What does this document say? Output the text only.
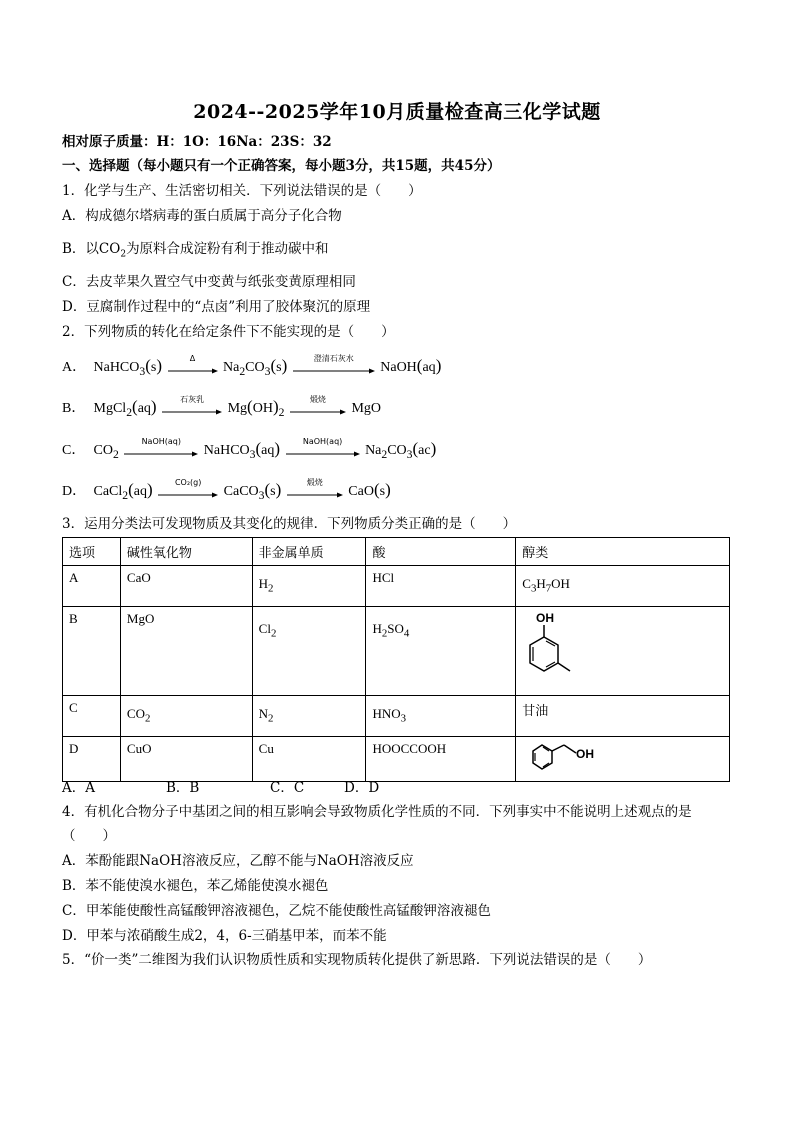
2024--2025学年10月质量检查高三化学试题
相对原子质量：H：1O：16Na：23S：32
一、选择题（每小题只有一个正确答案，每小题3分，共15题，共45分）
1．化学与生产、生活密切相关．下列说法错误的是（　　）
A．构成德尔塔病毒的蛋白质属于高分子化合物
B．以$CO_2$为原料合成淀粉有利于推动碳中和
C．去皮苹果久置空气中变黄与纸张变黄原理相同
D．豆腐制作过程中的“点卤”利用了胶体聚沉的原理
2．下列物质的转化在给定条件下不能实现的是（　　）
A． NaHCO$_3$(s)	Δ
$Na_2CO_3(s)$	澄清石灰水
NaOH(aq)
B． MgCl$_2$(aq)	石灰乳
$Mg(OH)_2$
煅烧
MgO
C． $CO_2$
NaOH(aq)
NaHCO$_3$(aq)	NaOH(aq)
$Na_2CO_3(ac)$
D． CaCl$_2$(aq)	CO₂(g)
CaCO$_3$(s)	煅烧
CaO(s)
3．运用分类法可发现物质及其变化的规律．下列物质分类正确的是（　　）
选项	碱性氧化物	非金属单质	酸	醇类
A	CaO	$H_2$	HCl	$C_3H_7OH$

B	MgO	$Cl_2$	$H_2SO_4$	OH

C	$CO_2$	$N_2$	$HNO_3$	甘油
D	CuO	Cu	HOOCCOOH	OH
A．A	B．B	C．C	D．D
4．有机化合物分子中基团之间的相互影响会导致物质化学性质的不同．下列事实中不能说明上述观点的是
（　　）
A．苯酚能跟NaOH溶液反应，乙醇不能与NaOH溶液反应
B．苯不能使溴水褪色，苯乙烯能使溴水褪色
C．甲苯能使酸性高锰酸钾溶液褪色，乙烷不能使酸性高锰酸钾溶液褪色
D．甲苯与浓硝酸生成2，4，6-三硝基甲苯，而苯不能
5．“价一类”二维图为我们认识物质性质和实现物质转化提供了新思路．下列说法错误的是（　　）
